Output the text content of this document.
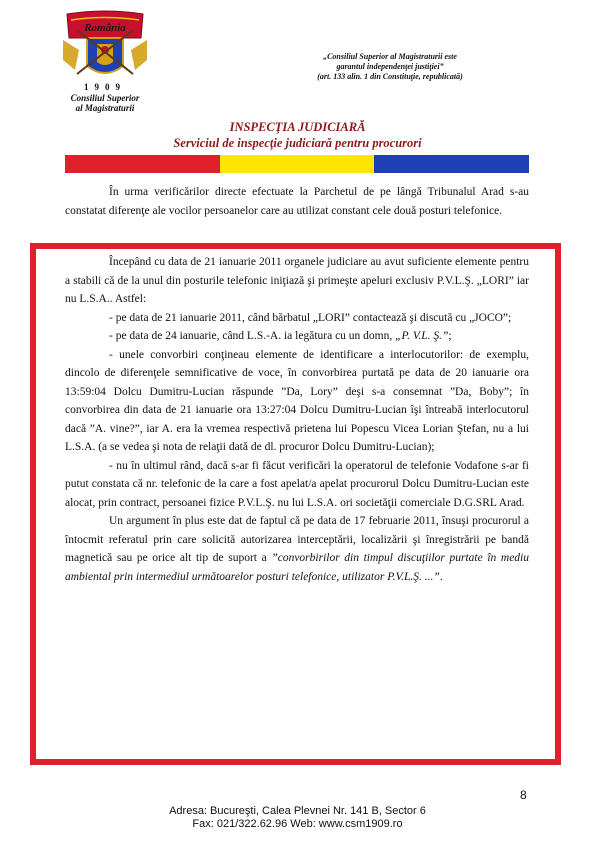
România
1909
Consiliul Superior
al Magistraturii
„Consiliul Superior al Magistraturii este
garantul independenţei justiţiei”
(art. 133 alin. 1 din Constituţie, republicată)
INSPECŢIA JUDICIARĂ
Serviciul de inspecţie judiciară pentru procurori

În urma verificărilor directe efectuate la Parchetul de pe lângă Tribunalul Arad s-au constatat diferenţe ale vocilor persoanelor care au utilizat constant cele două posturi telefonice.

Începând cu data de 21 ianuarie 2011 organele judiciare au avut suficiente elemente pentru a stabili că de la unul din posturile telefonic iniţiază şi primeşte apeluri exclusiv P.V.L.Ş. „LORI” iar nu L.S.A.. Astfel:

- pe data de 21 ianuarie 2011, când bărbatul „LORI” contactează şi discută cu „JOCO”;

- pe data de 24 ianuarie, când L.S.-A. ia legătura cu un domn, „P. V.L. Ş.”;

- unele convorbiri conţineau elemente de identificare a interlocutorilor: de exemplu, dincolo de diferenţele semnificative de voce, în convorbirea purtată pe data de 20 ianuarie ora 13:59:04 Dolcu Dumitru-Lucian răspunde ”Da, Lory” deşi s-a consemnat ”Da, Boby”; în convorbirea din data de 21 ianuarie ora 13:27:04 Dolcu Dumitru-Lucian îşi întreabă interlocutorul dacă ”A. vine?”, iar A. era la vremea respectivă prietena lui Popescu Vicea Lorian Ştefan, nu a lui L.S.A. (a se vedea şi nota de relaţii dată de dl. procuror Dolcu Dumitru-Lucian);

- nu în ultimul rând, dacă s-ar fi făcut verificări la operatorul de telefonie Vodafone s-ar fi putut constata că nr. telefonic de la care a fost apelat/a apelat procurorul Dolcu Dumitru-Lucian este alocat, prin contract, persoanei fizice P.V.L.Ş. nu lui L.S.A. ori societăţii comerciale D.G.SRL Arad.

Un argument în plus este dat de faptul că pe data de 17 februarie 2011, însuşi procurorul a întocmit referatul prin care solicită autorizarea interceptării, localizării şi înregistrării pe bandă magnetică sau pe orice alt tip de suport a ”convorbirilor din timpul discuţiilor purtate în mediu ambiental prin intermediul următoarelor posturi telefonice, utilizator P.V.L.Ş. ...”.

8
Adresa: Bucureşti, Calea Plevnei Nr. 141 B, Sector 6
Fax: 021/322.62.96 Web: www.csm1909.ro
